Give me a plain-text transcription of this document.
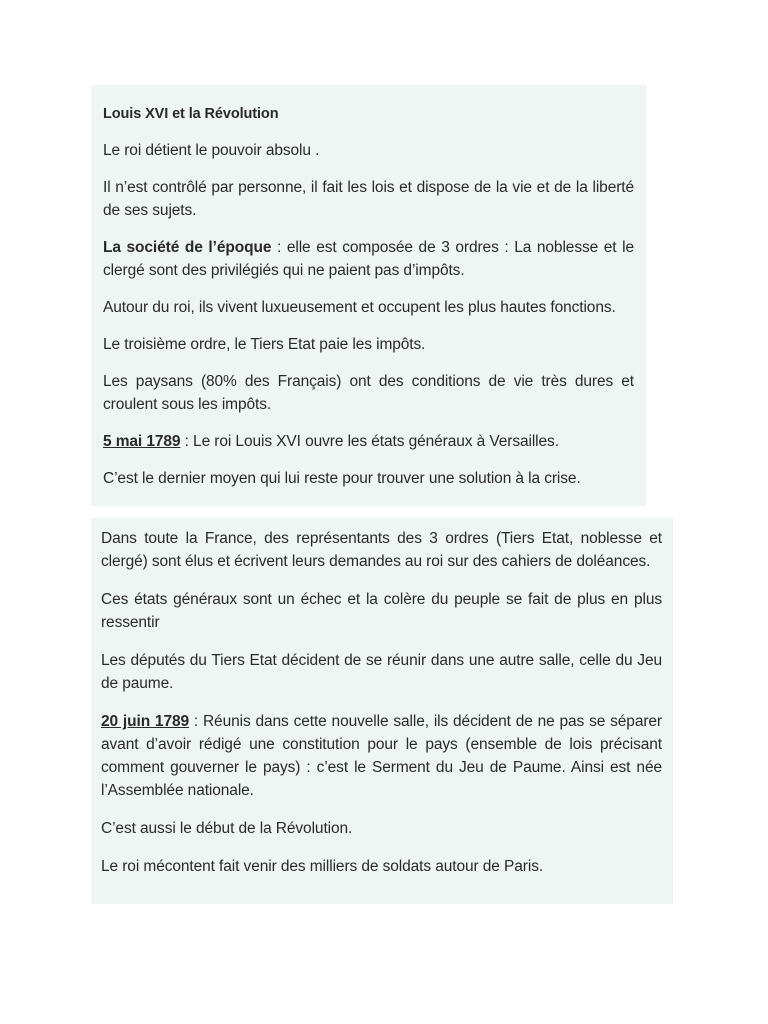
Louis XVI et la Révolution

Le roi détient le pouvoir absolu .

Il n’est contrôlé par personne, il fait les lois et dispose de la vie et de la liberté de ses sujets.

La société de l’époque : elle est composée de 3 ordres : La noblesse et le clergé sont des privilégiés qui ne paient pas d’impôts.

Autour du roi, ils vivent luxueusement et occupent les plus hautes fonctions.

Le troisième ordre, le Tiers Etat paie les impôts.

Les paysans (80% des Français) ont des conditions de vie très dures et croulent sous les impôts.

5 mai 1789 : Le roi Louis XVI ouvre les états généraux à Versailles.

C’est le dernier moyen qui lui reste pour trouver une solution à la crise.

Dans toute la France, des représentants des 3 ordres (Tiers Etat, noblesse et clergé) sont élus et écrivent leurs demandes au roi sur des cahiers de doléances.

Ces états généraux sont un échec et la colère du peuple se fait de plus en plus ressentir

Les députés du Tiers Etat décident de se réunir dans une autre salle, celle du Jeu de paume.

20 juin 1789 : Réunis dans cette nouvelle salle, ils décident de ne pas se séparer avant d’avoir rédigé une constitution pour le pays (ensemble de lois précisant comment gouverner le pays) : c’est le Serment du Jeu de Paume. Ainsi est née l’Assemblée nationale.

C’est aussi le début de la Révolution.

Le roi mécontent fait venir des milliers de soldats autour de Paris.
